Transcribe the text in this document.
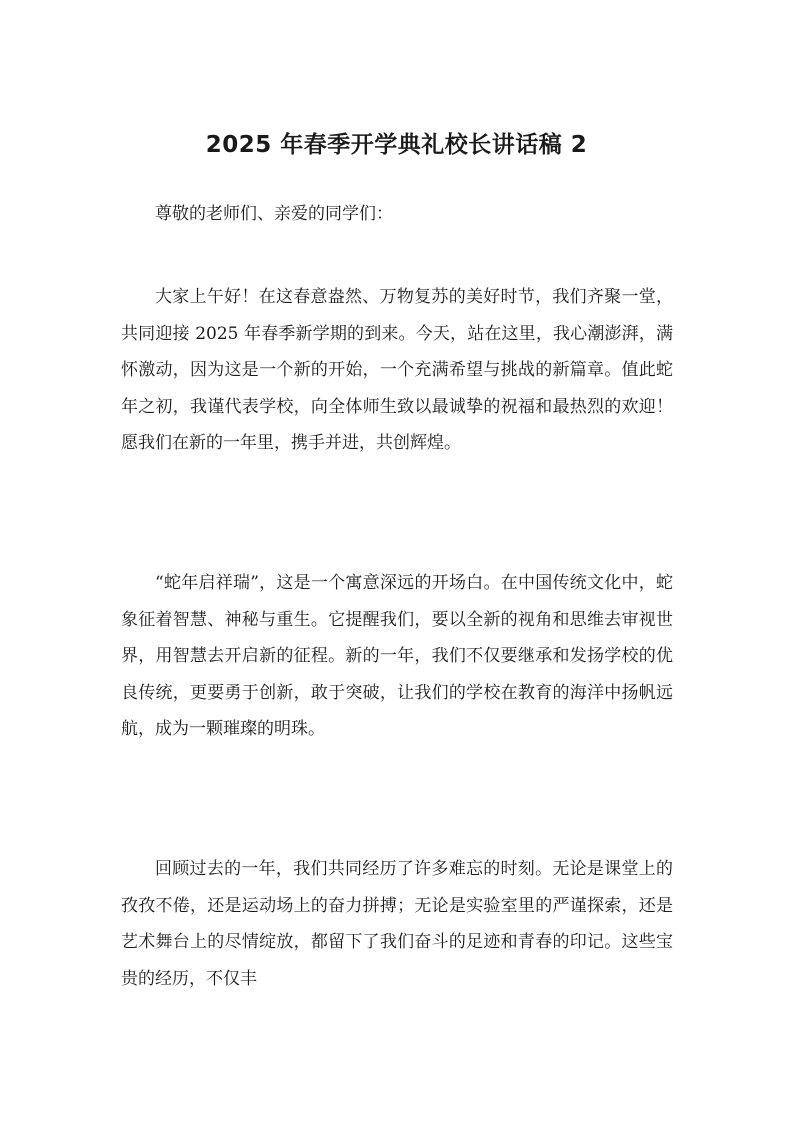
2025 年春季开学典礼校长讲话稿 2

尊敬的老师们、亲爱的同学们：

大家上午好！在这春意盎然、万物复苏的美好时节，我们齐聚一堂，共同迎接 2025 年春季新学期的到来。今天，站在这里，我心潮澎湃，满怀激动，因为这是一个新的开始，一个充满希望与挑战的新篇章。值此蛇年之初，我谨代表学校，向全体师生致以最诚挚的祝福和最热烈的欢迎！愿我们在新的一年里，携手并进，共创辉煌。

“蛇年启祥瑞”，这是一个寓意深远的开场白。在中国传统文化中，蛇象征着智慧、神秘与重生。它提醒我们，要以全新的视角和思维去审视世界，用智慧去开启新的征程。新的一年，我们不仅要继承和发扬学校的优良传统，更要勇于创新，敢于突破，让我们的学校在教育的海洋中扬帆远航，成为一颗璀璨的明珠。

回顾过去的一年，我们共同经历了许多难忘的时刻。无论是课堂上的孜孜不倦，还是运动场上的奋力拼搏；无论是实验室里的严谨探索，还是艺术舞台上的尽情绽放，都留下了我们奋斗的足迹和青春的印记。这些宝贵的经历，不仅丰
